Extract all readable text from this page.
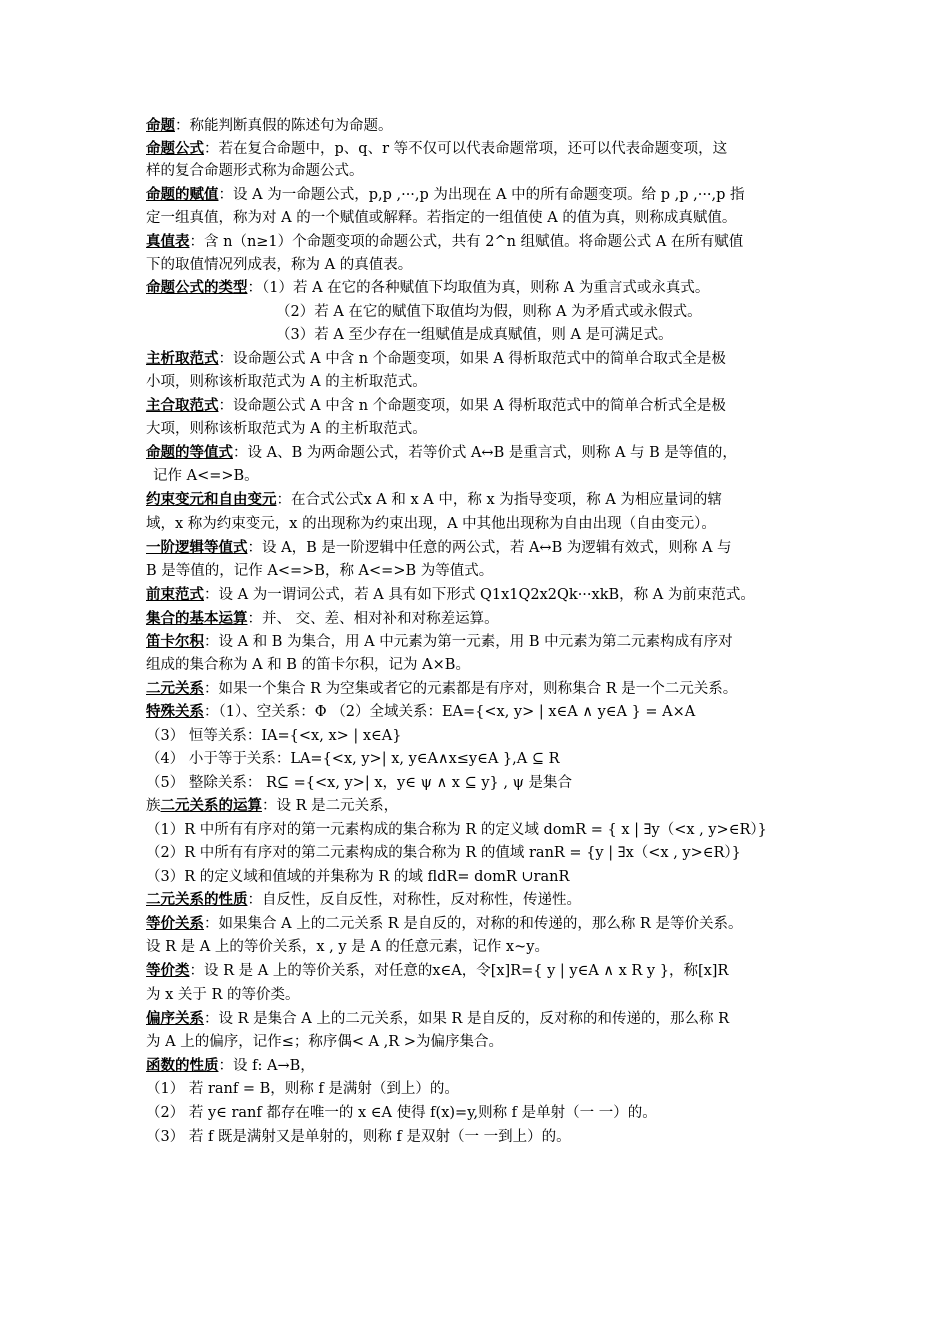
命题：称能判断真假的陈述句为命题。
命题公式：若在复合命题中，p、q、r 等不仅可以代表命题常项，还可以代表命题变项，这
样的复合命题形式称为命题公式。
命题的赋值：设 A 为一命题公式，p,p ,···,p 为出现在 A 中的所有命题变项。给 p ,p ,···,p 指
定一组真值，称为对 A 的一个赋值或解释。若指定的一组值使 A 的值为真，则称成真赋值。
真值表：含 n（n≥1）个命题变项的命题公式，共有 2^n 组赋值。将命题公式 A 在所有赋值
下的取值情况列成表，称为 A 的真值表。
命题公式的类型：（1）若 A 在它的各种赋值下均取值为真，则称 A 为重言式或永真式。
（2）若 A 在它的赋值下取值均为假，则称 A 为矛盾式或永假式。
（3）若 A 至少存在一组赋值是成真赋值，则 A 是可满足式。
主析取范式：设命题公式 A 中含 n 个命题变项，如果 A 得析取范式中的简单合取式全是极
小项，则称该析取范式为 A 的主析取范式。
主合取范式：设命题公式 A 中含 n 个命题变项，如果 A 得析取范式中的简单合析式全是极
大项，则称该析取范式为 A 的主析取范式。
命题的等值式：设 A、B 为两命题公式，若等价式 A↔B 是重言式，则称 A 与 B 是等值的，
记作 A<=>B。
约束变元和自由变元：在合式公式x A 和 x A 中，称 x 为指导变项，称 A 为相应量词的辖
域，x 称为约束变元，x 的出现称为约束出现，A 中其他出现称为自由出现（自由变元）。
一阶逻辑等值式：设 A，B 是一阶逻辑中任意的两公式，若 A↔B 为逻辑有效式，则称 A 与
B 是等值的，记作 A<=>B，称 A<=>B 为等值式。
前束范式：设 A 为一谓词公式，若 A 具有如下形式 Q1x1Q2x2Qk···xkB，称 A 为前束范式。
集合的基本运算：并、 交、差、相对补和对称差运算。
笛卡尔积：设 A 和 B 为集合，用 A 中元素为第一元素，用 B 中元素为第二元素构成有序对
组成的集合称为 A 和 B 的笛卡尔积，记为 A×B。
二元关系：如果一个集合 R 为空集或者它的元素都是有序对，则称集合 R 是一个二元关系。
特殊关系：（1）、空关系：Φ （2）全域关系：EA={<x, y> | x∈A ∧ y∈A } = A×A
（3） 恒等关系：IA={<x, x> | x∈A}
（4） 小于等于关系：LA={<x, y>| x, y∈A∧x≤y∈A },A ⊆ R
（5） 整除关系： R⊆ ={<x, y>| x，y∈ ψ ∧ x ⊆ y} , ψ 是集合
族二元关系的运算：设 R 是二元关系，
（1）R 中所有有序对的第一元素构成的集合称为 R 的定义域 domR = { x | ∃y（<x , y>∈R）}
（2）R 中所有有序对的第二元素构成的集合称为 R 的值域 ranR = {y | ∃x（<x , y>∈R）}
（3）R 的定义域和值域的并集称为 R 的域 fldR= domR ∪ranR
二元关系的性质：自反性，反自反性，对称性，反对称性，传递性。
等价关系：如果集合 A 上的二元关系 R 是自反的，对称的和传递的，那么称 R 是等价关系。
设 R 是 A 上的等价关系，x , y 是 A 的任意元素，记作 x~y。
等价类：设 R 是 A 上的等价关系，对任意的x∈A，令[x]R={ y | y∈A ∧ x R y }，称[x]R
为 x 关于 R 的等价类。
偏序关系：设 R 是集合 A 上的二元关系，如果 R 是自反的，反对称的和传递的，那么称 R
为 A 上的偏序，记作≤；称序偶< A ,R >为偏序集合。
函数的性质：设 f: A→B，
（1） 若 ranf = B，则称 f 是满射（到上）的。
（2） 若 y∈ ranf 都存在唯一的 x ∈A 使得 f(x)=y,则称 f 是单射（一 一）的。
（3） 若 f 既是满射又是单射的，则称 f 是双射（一 一到上）的。
